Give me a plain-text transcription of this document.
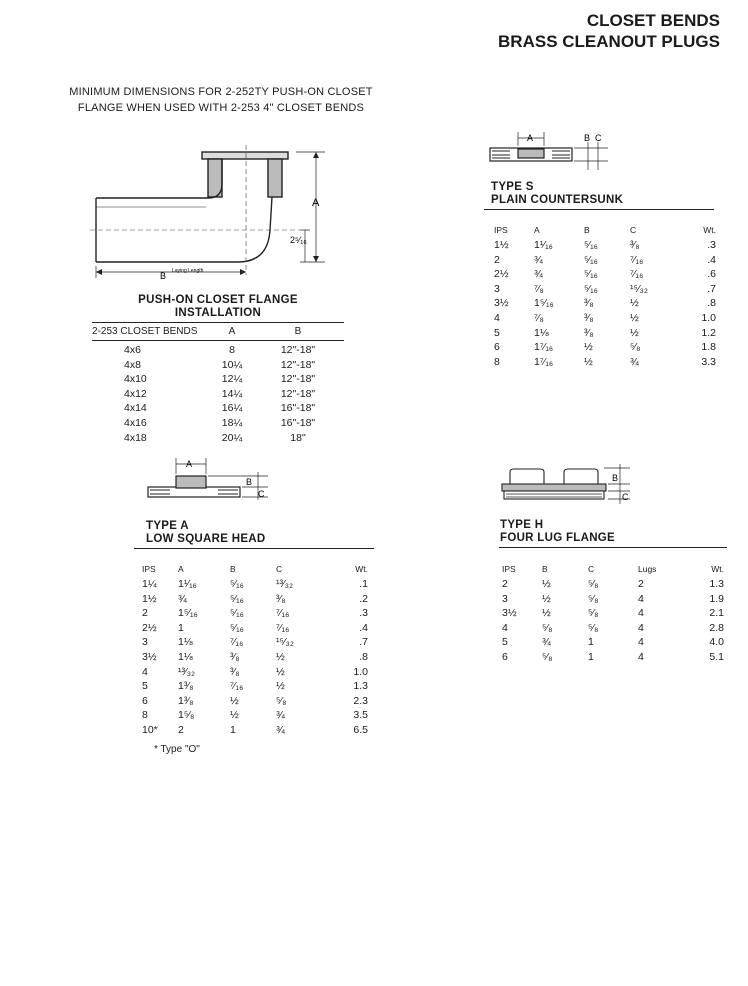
CLOSET BENDS
BRASS CLEANOUT PLUGS
MINIMUM DIMENSIONS FOR 2-252TY PUSH-ON CLOSET
FLANGE WHEN USED WITH 2-253 4" CLOSET BENDS
A
2⁵⁄₁₆
B Laying Length
PUSH-ON CLOSET FLANGE
INSTALLATION
2-253 CLOSET BENDS	A	B

4x6	8	12"-18"
4x8	10¼	12"-18"
4x10	12¼	12"-18"
4x12	14¼	12"-18"
4x14	16¼	16"-18"
4x16	18¼	16"-18"
4x18	20¼	18"
A	B C
TYPE S
PLAIN COUNTERSUNK
IPS	A	B	C	Wt.
1½	1¹⁄₁₆	⁵⁄₁₆	³⁄₈	.3
2	¾	⁵⁄₁₆	⁷⁄₁₆	.4
2½	¾	⁵⁄₁₆	⁷⁄₁₆	.6
3	⁷⁄₈	⁵⁄₁₆	¹⁵⁄₃₂	.7
3½	1⁵⁄₁₆	³⁄₈	½	.8
4	⁷⁄₈	³⁄₈	½	1.0
5	1⅛	³⁄₈	½	1.2
6	1⁷⁄₁₆	½	⁵⁄₈	1.8
8	1⁷⁄₁₆	½	¾	3.3
A
B
C
TYPE A
LOW SQUARE HEAD
IPS	A	B	C	Wt.
1¼	1¹⁄₁₆	⁵⁄₁₆	¹³⁄₃₂	.1
1½	¾	⁵⁄₁₆	³⁄₈	.2
2	1⁵⁄₁₆	⁵⁄₁₆	⁷⁄₁₆	.3
2½	1	⁵⁄₁₆	⁷⁄₁₆	.4
3	1⅛	⁷⁄₁₆	¹⁵⁄₃₂	.7
3½	1⅛	³⁄₈	½	.8
4	¹³⁄₃₂	³⁄₈	½	1.0
5	1³⁄₈	⁷⁄₁₆	½	1.3
6	1³⁄₈	½	⁵⁄₈	2.3
8	1⁵⁄₈	½	¾	3.5
10*	2	1	¾	6.5
* Type "O"
B
C
TYPE H
FOUR LUG FLANGE
IPS	B	C	Lugs	Wt.
2	½	⁵⁄₈	2	1.3
3	½	⁵⁄₈	4	1.9
3½	½	⁵⁄₈	4	2.1
4	⁵⁄₈	⁵⁄₈	4	2.8
5	¾	1	4	4.0
6	⁵⁄₈	1	4	5.1
